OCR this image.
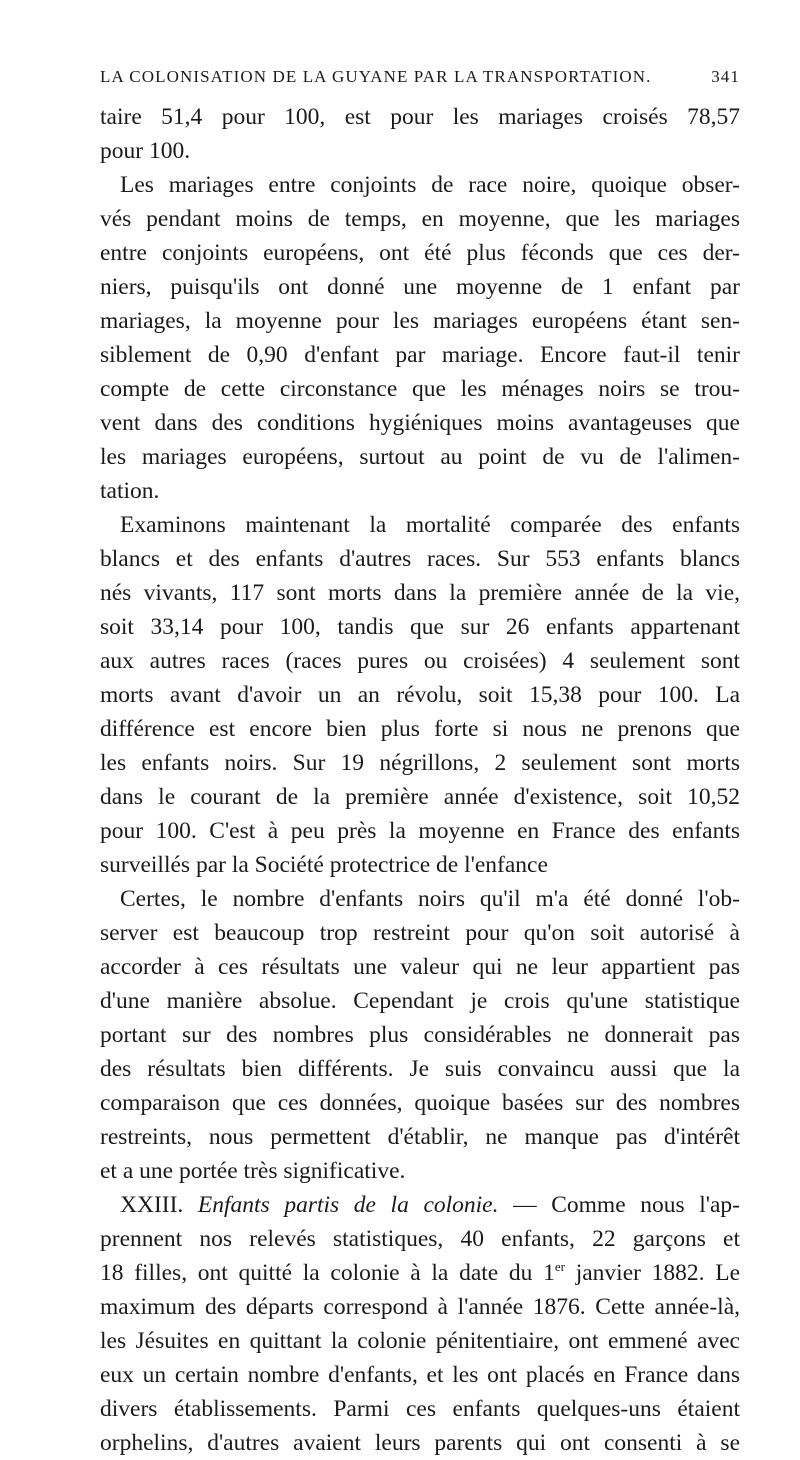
LA COLONISATION DE LA GUYANE PAR LA TRANSPORTATION.	341
taire 51,4 pour 100, est pour les mariages croisés 78,57
pour 100.
Les mariages entre conjoints de race noire, quoique obser-
vés pendant moins de temps, en moyenne, que les mariages
entre conjoints européens, ont été plus féconds que ces der-
niers, puisqu'ils ont donné une moyenne de 1 enfant par
mariages, la moyenne pour les mariages européens étant sen-
siblement de 0,90 d'enfant par mariage. Encore faut-il tenir
compte de cette circonstance que les ménages noirs se trou-
vent dans des conditions hygiéniques moins avantageuses que
les mariages européens, surtout au point de vu de l'alimen-
tation.
Examinons maintenant la mortalité comparée des enfants
blancs et des enfants d'autres races. Sur 553 enfants blancs
nés vivants, 117 sont morts dans la première année de la vie,
soit 33,14 pour 100, tandis que sur 26 enfants appartenant
aux autres races (races pures ou croisées) 4 seulement sont
morts avant d'avoir un an révolu, soit 15,38 pour 100. La
différence est encore bien plus forte si nous ne prenons que
les enfants noirs. Sur 19 négrillons, 2 seulement sont morts
dans le courant de la première année d'existence, soit 10,52
pour 100. C'est à peu près la moyenne en France des enfants
surveillés par la Société protectrice de l'enfance
Certes, le nombre d'enfants noirs qu'il m'a été donné l'ob-
server est beaucoup trop restreint pour qu'on soit autorisé à
accorder à ces résultats une valeur qui ne leur appartient pas
d'une manière absolue. Cependant je crois qu'une statistique
portant sur des nombres plus considérables ne donnerait pas
des résultats bien différents. Je suis convaincu aussi que la
comparaison que ces données, quoique basées sur des nombres
restreints, nous permettent d'établir, ne manque pas d'intérêt
et a une portée très significative.
XXIII. Enfants partis de la colonie. — Comme nous l'ap-
prennent nos relevés statistiques, 40 enfants, 22 garçons et
18 filles, ont quitté la colonie à la date du 1er janvier 1882. Le
maximum des départs correspond à l'année 1876. Cette année-là,
les Jésuites en quittant la colonie pénitentiaire, ont emmené avec
eux un certain nombre d'enfants, et les ont placés en France dans
divers établissements. Parmi ces enfants quelques-uns étaient
orphelins, d'autres avaient leurs parents qui ont consenti à se
